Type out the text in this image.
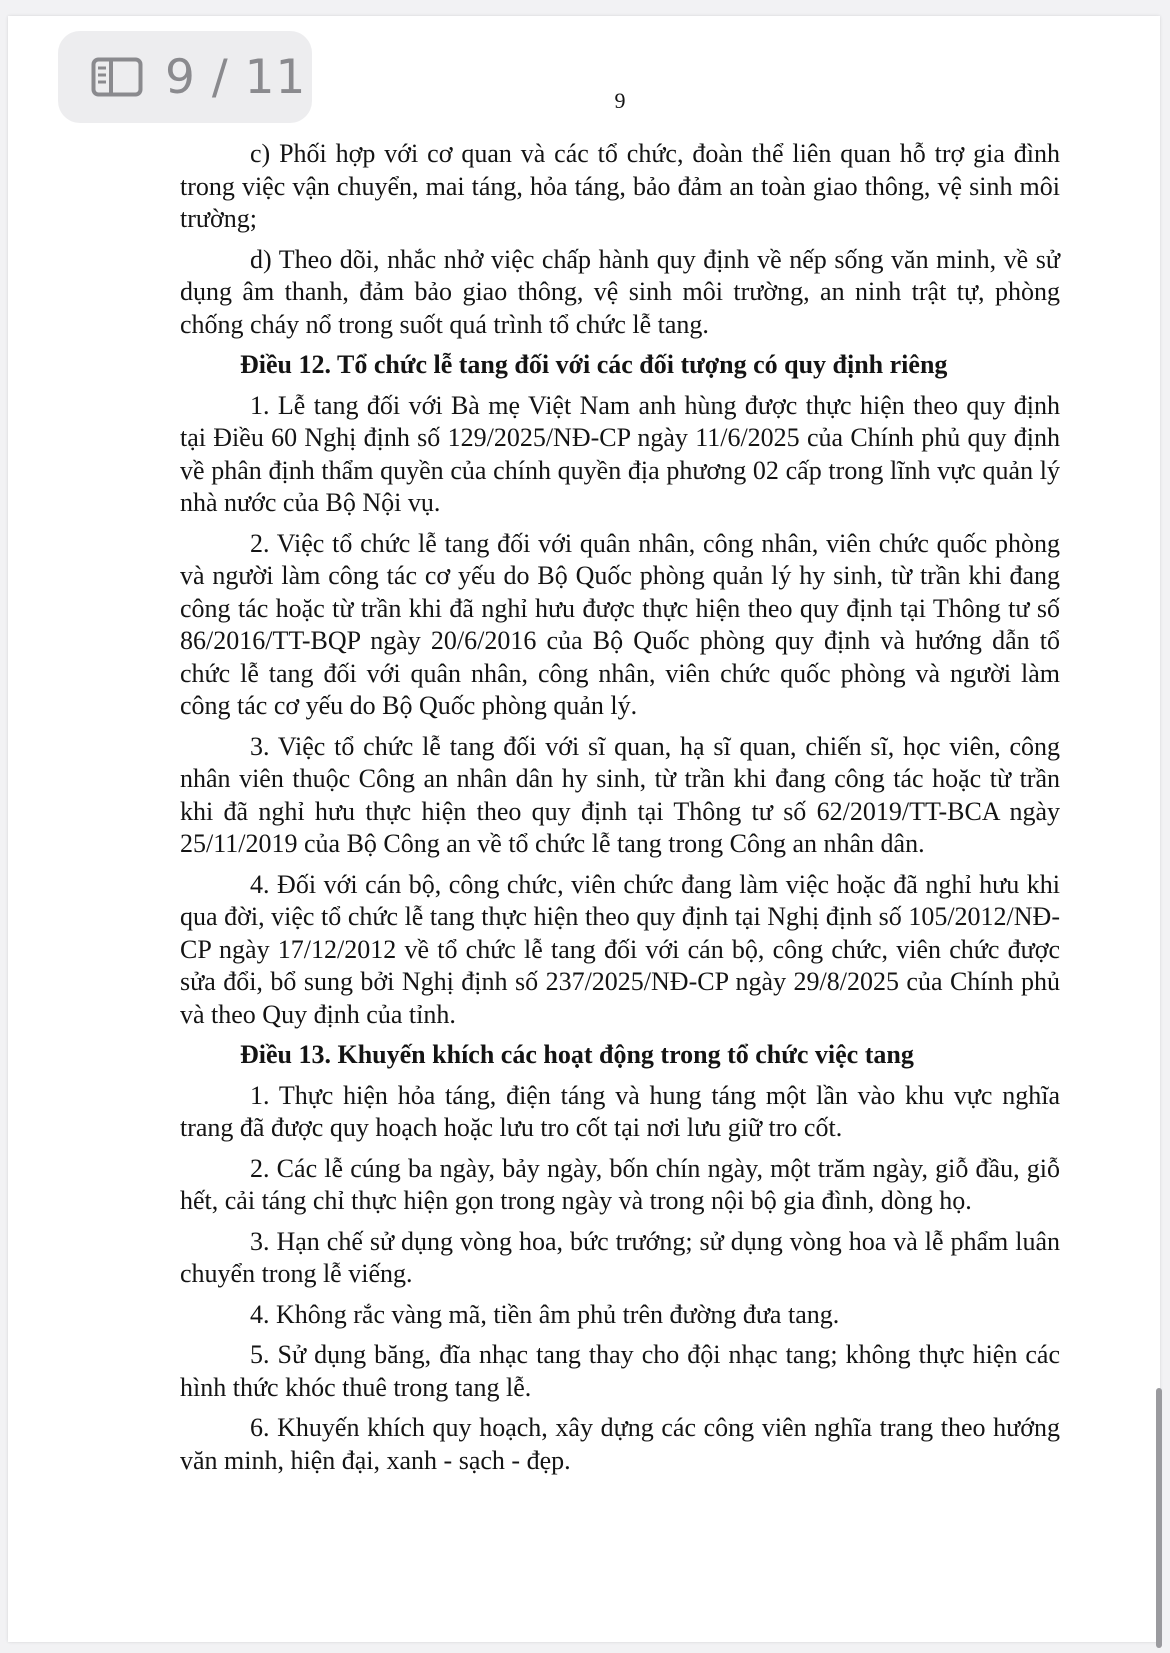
9

c) Phối hợp với cơ quan và các tổ chức, đoàn thể liên quan hỗ trợ gia đình trong việc vận chuyển, mai táng, hỏa táng, bảo đảm an toàn giao thông, vệ sinh môi trường;

d) Theo dõi, nhắc nhở việc chấp hành quy định về nếp sống văn minh, về sử dụng âm thanh, đảm bảo giao thông, vệ sinh môi trường, an ninh trật tự, phòng chống cháy nổ trong suốt quá trình tổ chức lễ tang.

Điều 12. Tổ chức lễ tang đối với các đối tượng có quy định riêng

1. Lễ tang đối với Bà mẹ Việt Nam anh hùng được thực hiện theo quy định tại Điều 60 Nghị định số 129/2025/NĐ-CP ngày 11/6/2025 của Chính phủ quy định về phân định thẩm quyền của chính quyền địa phương 02 cấp trong lĩnh vực quản lý nhà nước của Bộ Nội vụ.

2. Việc tổ chức lễ tang đối với quân nhân, công nhân, viên chức quốc phòng và người làm công tác cơ yếu do Bộ Quốc phòng quản lý hy sinh, từ trần khi đang công tác hoặc từ trần khi đã nghỉ hưu được thực hiện theo quy định tại Thông tư số 86/2016/TT-BQP ngày 20/6/2016 của Bộ Quốc phòng quy định và hướng dẫn tổ chức lễ tang đối với quân nhân, công nhân, viên chức quốc phòng và người làm công tác cơ yếu do Bộ Quốc phòng quản lý.

3. Việc tổ chức lễ tang đối với sĩ quan, hạ sĩ quan, chiến sĩ, học viên, công nhân viên thuộc Công an nhân dân hy sinh, từ trần khi đang công tác hoặc từ trần khi đã nghỉ hưu thực hiện theo quy định tại Thông tư số 62/2019/TT-BCA ngày 25/11/2019 của Bộ Công an về tổ chức lễ tang trong Công an nhân dân.

4. Đối với cán bộ, công chức, viên chức đang làm việc hoặc đã nghỉ hưu khi qua đời, việc tổ chức lễ tang thực hiện theo quy định tại Nghị định số 105/2012/NĐ-CP ngày 17/12/2012 về tổ chức lễ tang đối với cán bộ, công chức, viên chức được sửa đổi, bổ sung bởi Nghị định số 237/2025/NĐ-CP ngày 29/8/2025 của Chính phủ và theo Quy định của tỉnh.

Điều 13. Khuyến khích các hoạt động trong tổ chức việc tang

1. Thực hiện hỏa táng, điện táng và hung táng một lần vào khu vực nghĩa trang đã được quy hoạch hoặc lưu tro cốt tại nơi lưu giữ tro cốt.

2. Các lễ cúng ba ngày, bảy ngày, bốn chín ngày, một trăm ngày, giỗ đầu, giỗ hết, cải táng chỉ thực hiện gọn trong ngày và trong nội bộ gia đình, dòng họ.

3. Hạn chế sử dụng vòng hoa, bức trướng; sử dụng vòng hoa và lễ phẩm luân chuyển trong lễ viếng.

4. Không rắc vàng mã, tiền âm phủ trên đường đưa tang.

5. Sử dụng băng, đĩa nhạc tang thay cho đội nhạc tang; không thực hiện các hình thức khóc thuê trong tang lễ.

6. Khuyến khích quy hoạch, xây dựng các công viên nghĩa trang theo hướng văn minh, hiện đại, xanh - sạch - đẹp.

9 / 11
